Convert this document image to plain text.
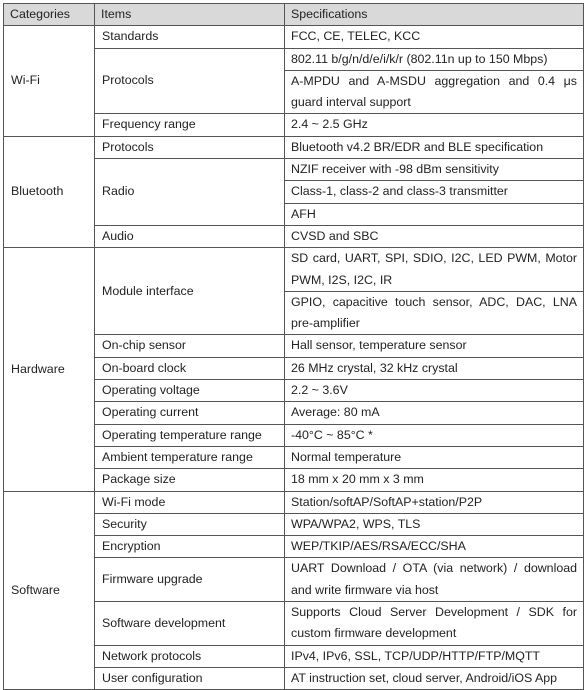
Categories	Items	Specifications
Wi-Fi	Standards	FCC, CE, TELEC, KCC
	Protocols	802.11 b/g/n/d/e/i/k/r (802.11n up to 150 Mbps)
		A-MPDU and A-MSDU aggregation and 0.4 μs guard interval support

	Frequency range	2.4 ~ 2.5 GHz
Bluetooth	Protocols	Bluetooth v4.2 BR/EDR and BLE specification
	Radio	NZIF receiver with -98 dBm sensitivity
		Class-1, class-2 and class-3 transmitter
		AFH
	Audio	CVSD and SBC
Hardware	Module interface	SD card, UART, SPI, SDIO, I2C, LED PWM, Motor PWM, I2S, I2C, IR

		GPIO, capacitive touch sensor, ADC, DAC, LNA pre-amplifier

	On-chip sensor	Hall sensor, temperature sensor
	On-board clock	26 MHz crystal, 32 kHz crystal
	Operating voltage	2.2 ~ 3.6V
	Operating current	Average: 80 mA
	Operating temperature range	-40°C ~ 85°C *
	Ambient temperature range	Normal temperature
	Package size	18 mm x 20 mm x 3 mm
Software	Wi-Fi mode	Station/softAP/SoftAP+station/P2P
	Security	WPA/WPA2, WPS, TLS
	Encryption	WEP/TKIP/AES/RSA/ECC/SHA
	Firmware upgrade	UART Download / OTA (via network) / download and write firmware via host

	Software development	Supports Cloud Server Development / SDK for custom firmware development

	Network protocols	IPv4, IPv6, SSL, TCP/UDP/HTTP/FTP/MQTT
	User configuration	AT instruction set, cloud server, Android/iOS App
